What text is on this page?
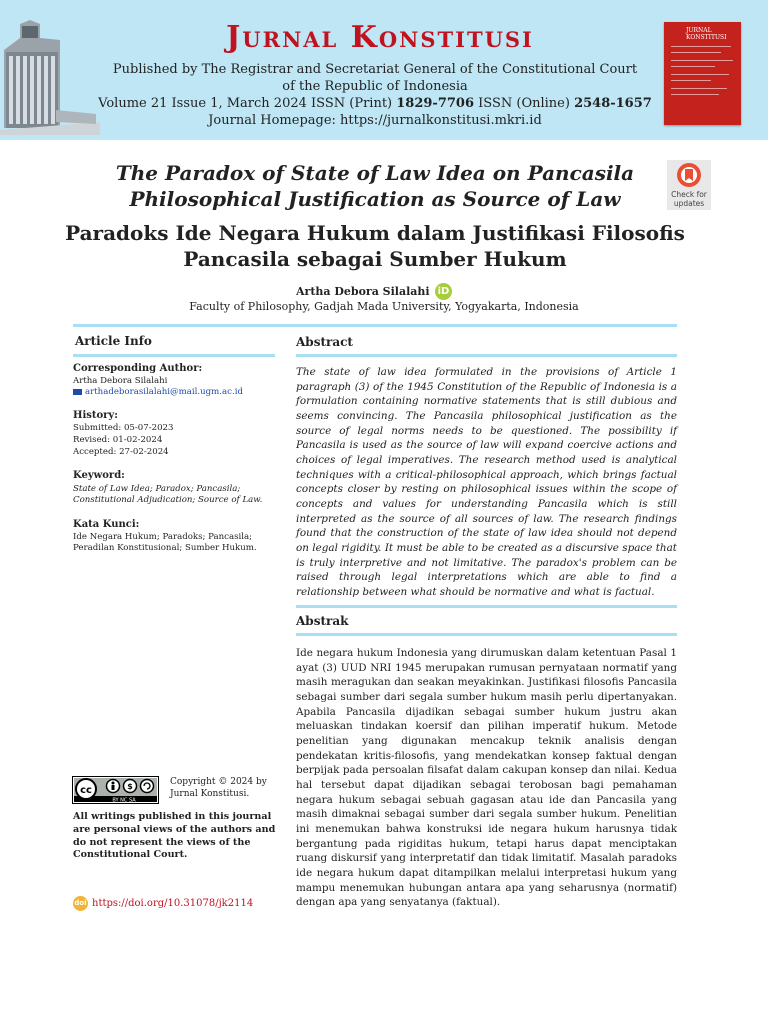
Jurnal Konstitusi
Published by The Registrar and Secretariat General of the Constitutional Court
of the Republic of Indonesia
Volume 21 Issue 1, March 2024 ISSN (Print) 1829-7706 ISSN (Online) 2548-1657
Journal Homepage: https://jurnalkonstitusi.mkri.id
JURNAL
KONSTITUSI
The Paradox of State of Law Idea on Pancasila Philosophical Justification as Source of Law	Check for
updates
Paradoks Ide Negara Hukum dalam Justifikasi Filosofis Pancasila sebagai Sumber Hukum
Artha Debora Silalahi iD
Faculty of Philosophy, Gadjah Mada University, Yogyakarta, Indonesia
Article Info
Corresponding Author:
Artha Debora Silalahi
arthadeborasilalahi@mail.ugm.ac.id
History:
Submitted: 05-07-2023
Revised: 01-02-2024
Accepted: 27-02-2024
Keyword:
State of Law Idea; Paradox; Pancasila; Constitutional Adjudication; Source of Law.
Kata Kunci:
Ide Negara Hukum; Paradoks; Pancasila; Peradilan Konstitusional; Sumber Hukum.
cc	$
BY NC SA
Copyright © 2024 by Jurnal Konstitusi.
All writings published in this journal are personal views of the authors and do not represent the views of the Constitutional Court.
doi https://doi.org/10.31078/jk2114
Abstract
The state of law idea formulated in the provisions of Article 1 paragraph (3) of the 1945 Constitution of the Republic of Indonesia is a formulation containing normative statements that is still dubious and seems convincing. The Pancasila philosophical justification as the source of legal norms needs to be questioned. The possibility if Pancasila is used as the source of law will expand coercive actions and choices of legal imperatives. The research method used is analytical techniques with a critical-philosophical approach, which brings factual concepts closer by resting on philosophical issues within the scope of concepts and values for understanding Pancasila which is still interpreted as the source of all sources of law. The research findings found that the construction of the state of law idea should not depend on legal rigidity. It must be able to be created as a discursive space that is truly interpretive and not limitative. The paradox's problem can be raised through legal interpretations which are able to find a relationship between what should be normative and what is factual.
Abstrak
Ide negara hukum Indonesia yang dirumuskan dalam ketentuan Pasal 1 ayat (3) UUD NRI 1945 merupakan rumusan pernyataan normatif yang masih meragukan dan seakan meyakinkan. Justifikasi filosofis Pancasila sebagai sumber dari segala sumber hukum masih perlu dipertanyakan. Apabila Pancasila dijadikan sebagai sumber hukum justru akan meluaskan tindakan koersif dan pilihan imperatif hukum. Metode penelitian yang digunakan mencakup teknik analisis dengan pendekatan kritis-filosofis, yang mendekatkan konsep faktual dengan berpijak pada persoalan filsafat dalam cakupan konsep dan nilai. Kedua hal tersebut dapat dijadikan sebagai terobosan bagi pemahaman negara hukum sebagai sebuah gagasan atau ide dan Pancasila yang masih dimaknai sebagai sumber dari segala sumber hukum. Penelitian ini menemukan bahwa konstruksi ide negara hukum harusnya tidak bergantung pada rigiditas hukum, tetapi harus dapat menciptakan ruang diskursif yang interpretatif dan tidak limitatif. Masalah paradoks ide negara hukum dapat ditampilkan melalui interpretasi hukum yang mampu menemukan hubungan antara apa yang seharusnya (normatif) dengan apa yang senyatanya (faktual).
